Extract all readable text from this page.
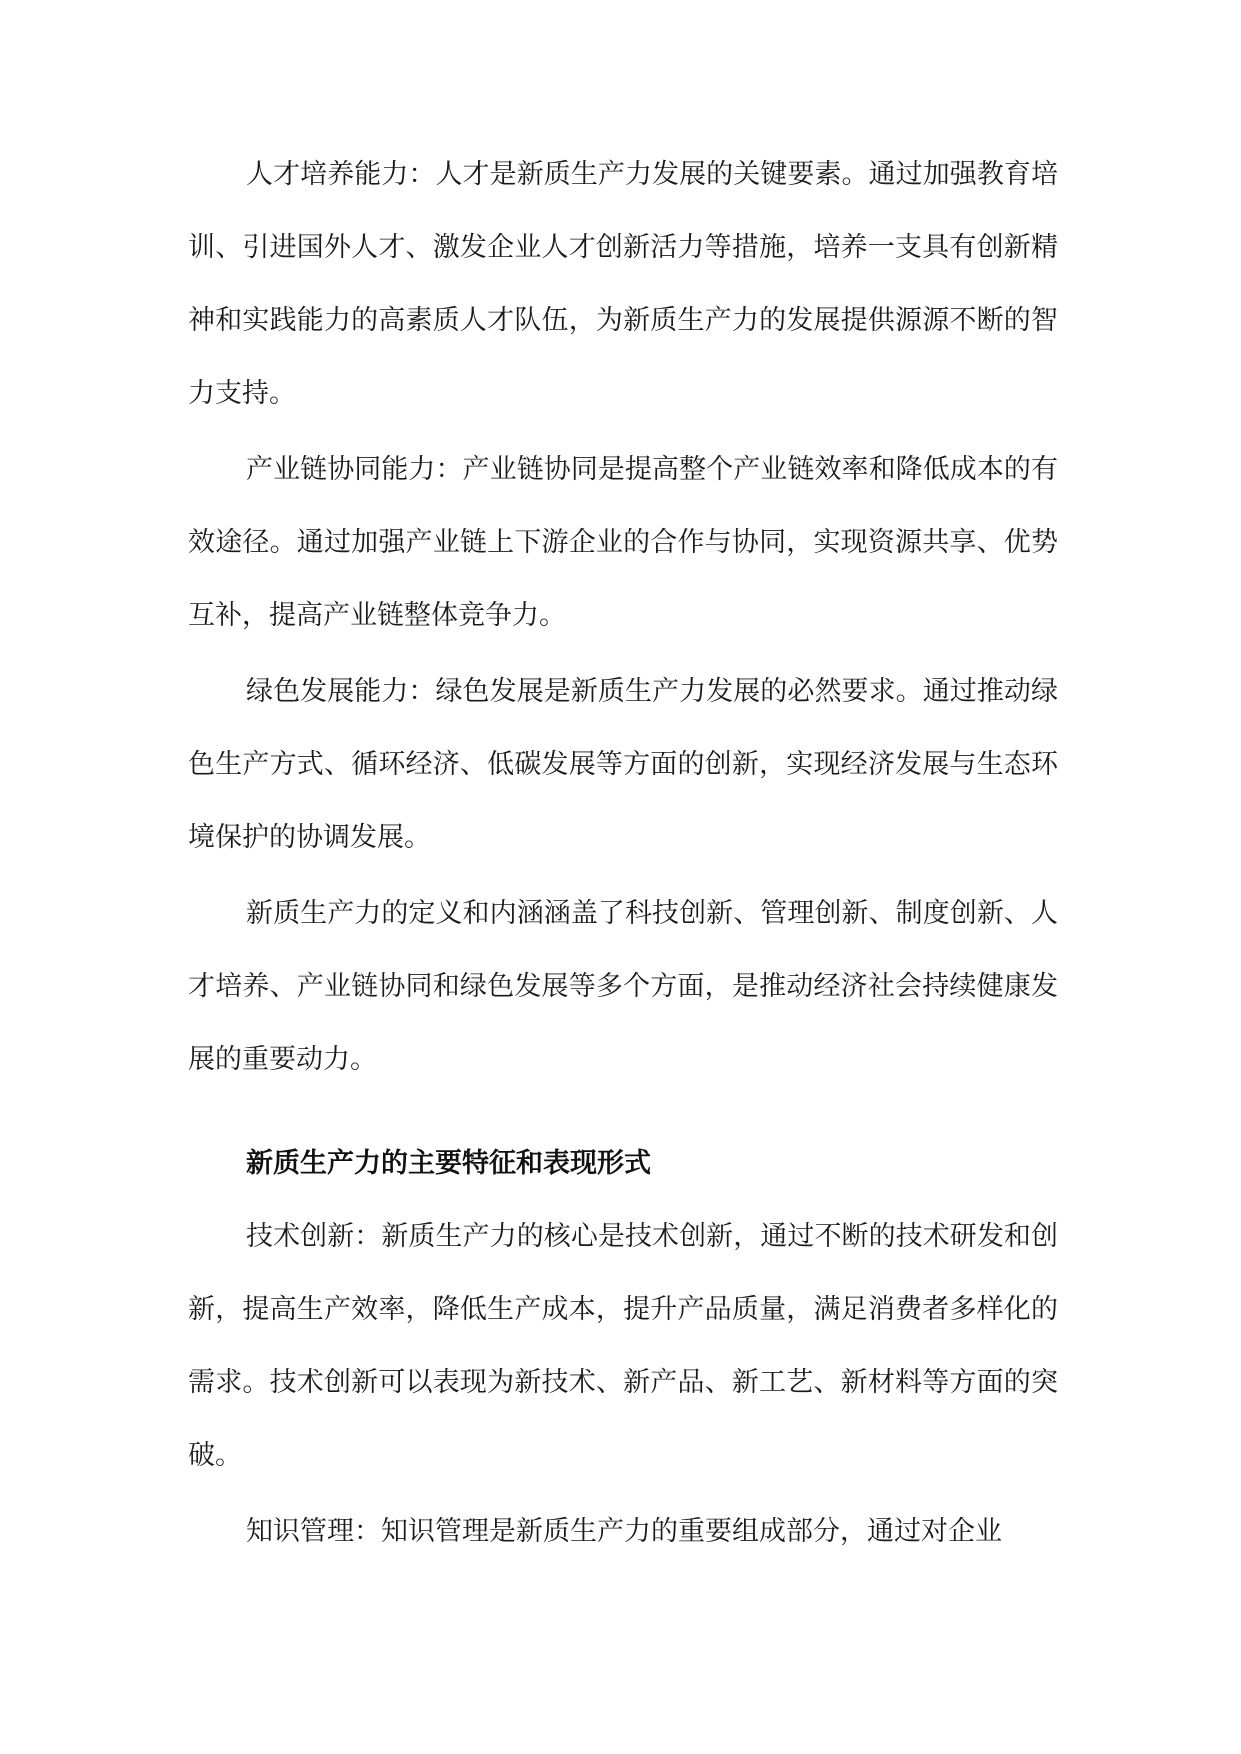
人才培养能力：人才是新质生产力发展的关键要素。通过加强教育培训、引进国外人才、激发企业人才创新活力等措施，培养一支具有创新精神和实践能力的高素质人才队伍，为新质生产力的发展提供源源不断的智力支持。

产业链协同能力：产业链协同是提高整个产业链效率和降低成本的有效途径。通过加强产业链上下游企业的合作与协同，实现资源共享、优势互补，提高产业链整体竞争力。

绿色发展能力：绿色发展是新质生产力发展的必然要求。通过推动绿色生产方式、循环经济、低碳发展等方面的创新，实现经济发展与生态环境保护的协调发展。

新质生产力的定义和内涵涵盖了科技创新、管理创新、制度创新、人才培养、产业链协同和绿色发展等多个方面，是推动经济社会持续健康发展的重要动力。

新质生产力的主要特征和表现形式

技术创新：新质生产力的核心是技术创新，通过不断的技术研发和创新，提高生产效率，降低生产成本，提升产品质量，满足消费者多样化的需求。技术创新可以表现为新技术、新产品、新工艺、新材料等方面的突破。

知识管理：知识管理是新质生产力的重要组成部分，通过对企业
